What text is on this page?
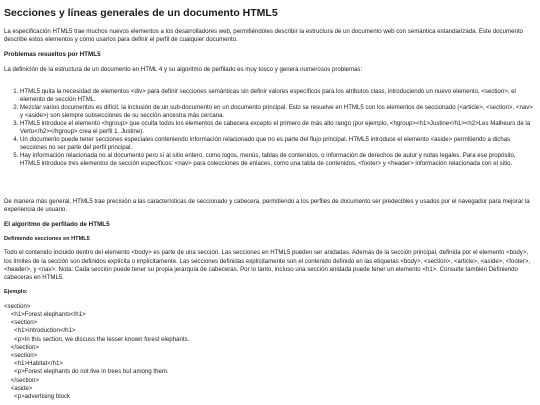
Secciones y líneas generales de un documento HTML5

La especificación HTML5 trae muchos nuevos elementos a los desarrolladores web, permitiéndoles describir la estructura de un documento web con semántica estandarizada. Este documento describe estos elementos y cómo usarlos para definir el perfil de cualquier documento.

Problemas resueltos por HTML5

La definición de la estructura de un documento en HTML 4 y su algoritmo de perfilado es muy tosco y genera numerosos problemas:

1. HTML5 quita la necesidad de elementos <div> para definir secciones semánticas sin definir valores específicos para los atributos class, introduciendo un nuevo elemento, <section>, el elemento de sección HTML.
2. Mezclar varios documentos es difícil: la inclusión de un sub-documento en un documento principal. Esto se resuelve en HTML5 con los elementos de seccionado (<article>, <section>, <nav> y <aside>) son siempre subsecciones de su sección ancestra más cercana.
3. HTML5 introduce el elemento <hgroup> que oculta todos los elementos de cabecera excepto el primero de más alto rango (por ejemplo, <hgroup><h1>Justine</h1><h2>Les Malheurs de la Vertu</h2></hgroup> crea el perfil 1. Justine).
4. Un documento puede tener secciones especiales conteniendo información relacionado que no es parte del flujo principal. HTML5 introduce el elemento <aside> permitiendo a dichas secciones no ser parte del perfil principal.
5. Hay información relacionada no al documento pero sí al sitio entero, como logos, menús, tablas de contenidos, o información de derechos de autor y notas legales. Para ese propósito, HTML5 introduce tres elementos de sección específicos: <nav> para colecciones de enlaces, como una tabla de contenidos, <footer> y <header> información relacionada con el sitio.

De manera más general, HTML5 trae precisión a las características de seccionado y cabecera, permitiendo a los perfiles de documento ser predecibles y usados por el navegador para mejorar la experiencia de usuario.

El algoritmo de perfilado de HTML5
Definiendo secciones en HTML5

Todo el contenido incluido dentro del elemento <body> es parte de una sección. Las secciones en HTML5 pueden ser anidadas. Además de la sección principal, definida por el elemento <body>, los límites de la sección son definidos explícita o implícitamente. Las secciones definidas explícitamente son el contenido definido en las etiquetas <body>, <section>, <article>, <aside>, <footer>, <header>, y <nav>. Nota: Cada sección puede tener su propia jerarquía de cabeceras. Por lo tanto, incluso una sección anidada puede tener un elemento <h1>. Consulte también Definiendo cabeceras en HTML5.

Ejemplo:
<section>
<h1>Forest elephants</h1>
<section>
<h1>Introduction</h1>
<p>In this section, we discuss the lesser known forest elephants.
</section>
<section>
<h1>Habitat</h1>
<p>Forest elephants do not live in trees but among them.
</section>
<aside>
<p>advertising block
